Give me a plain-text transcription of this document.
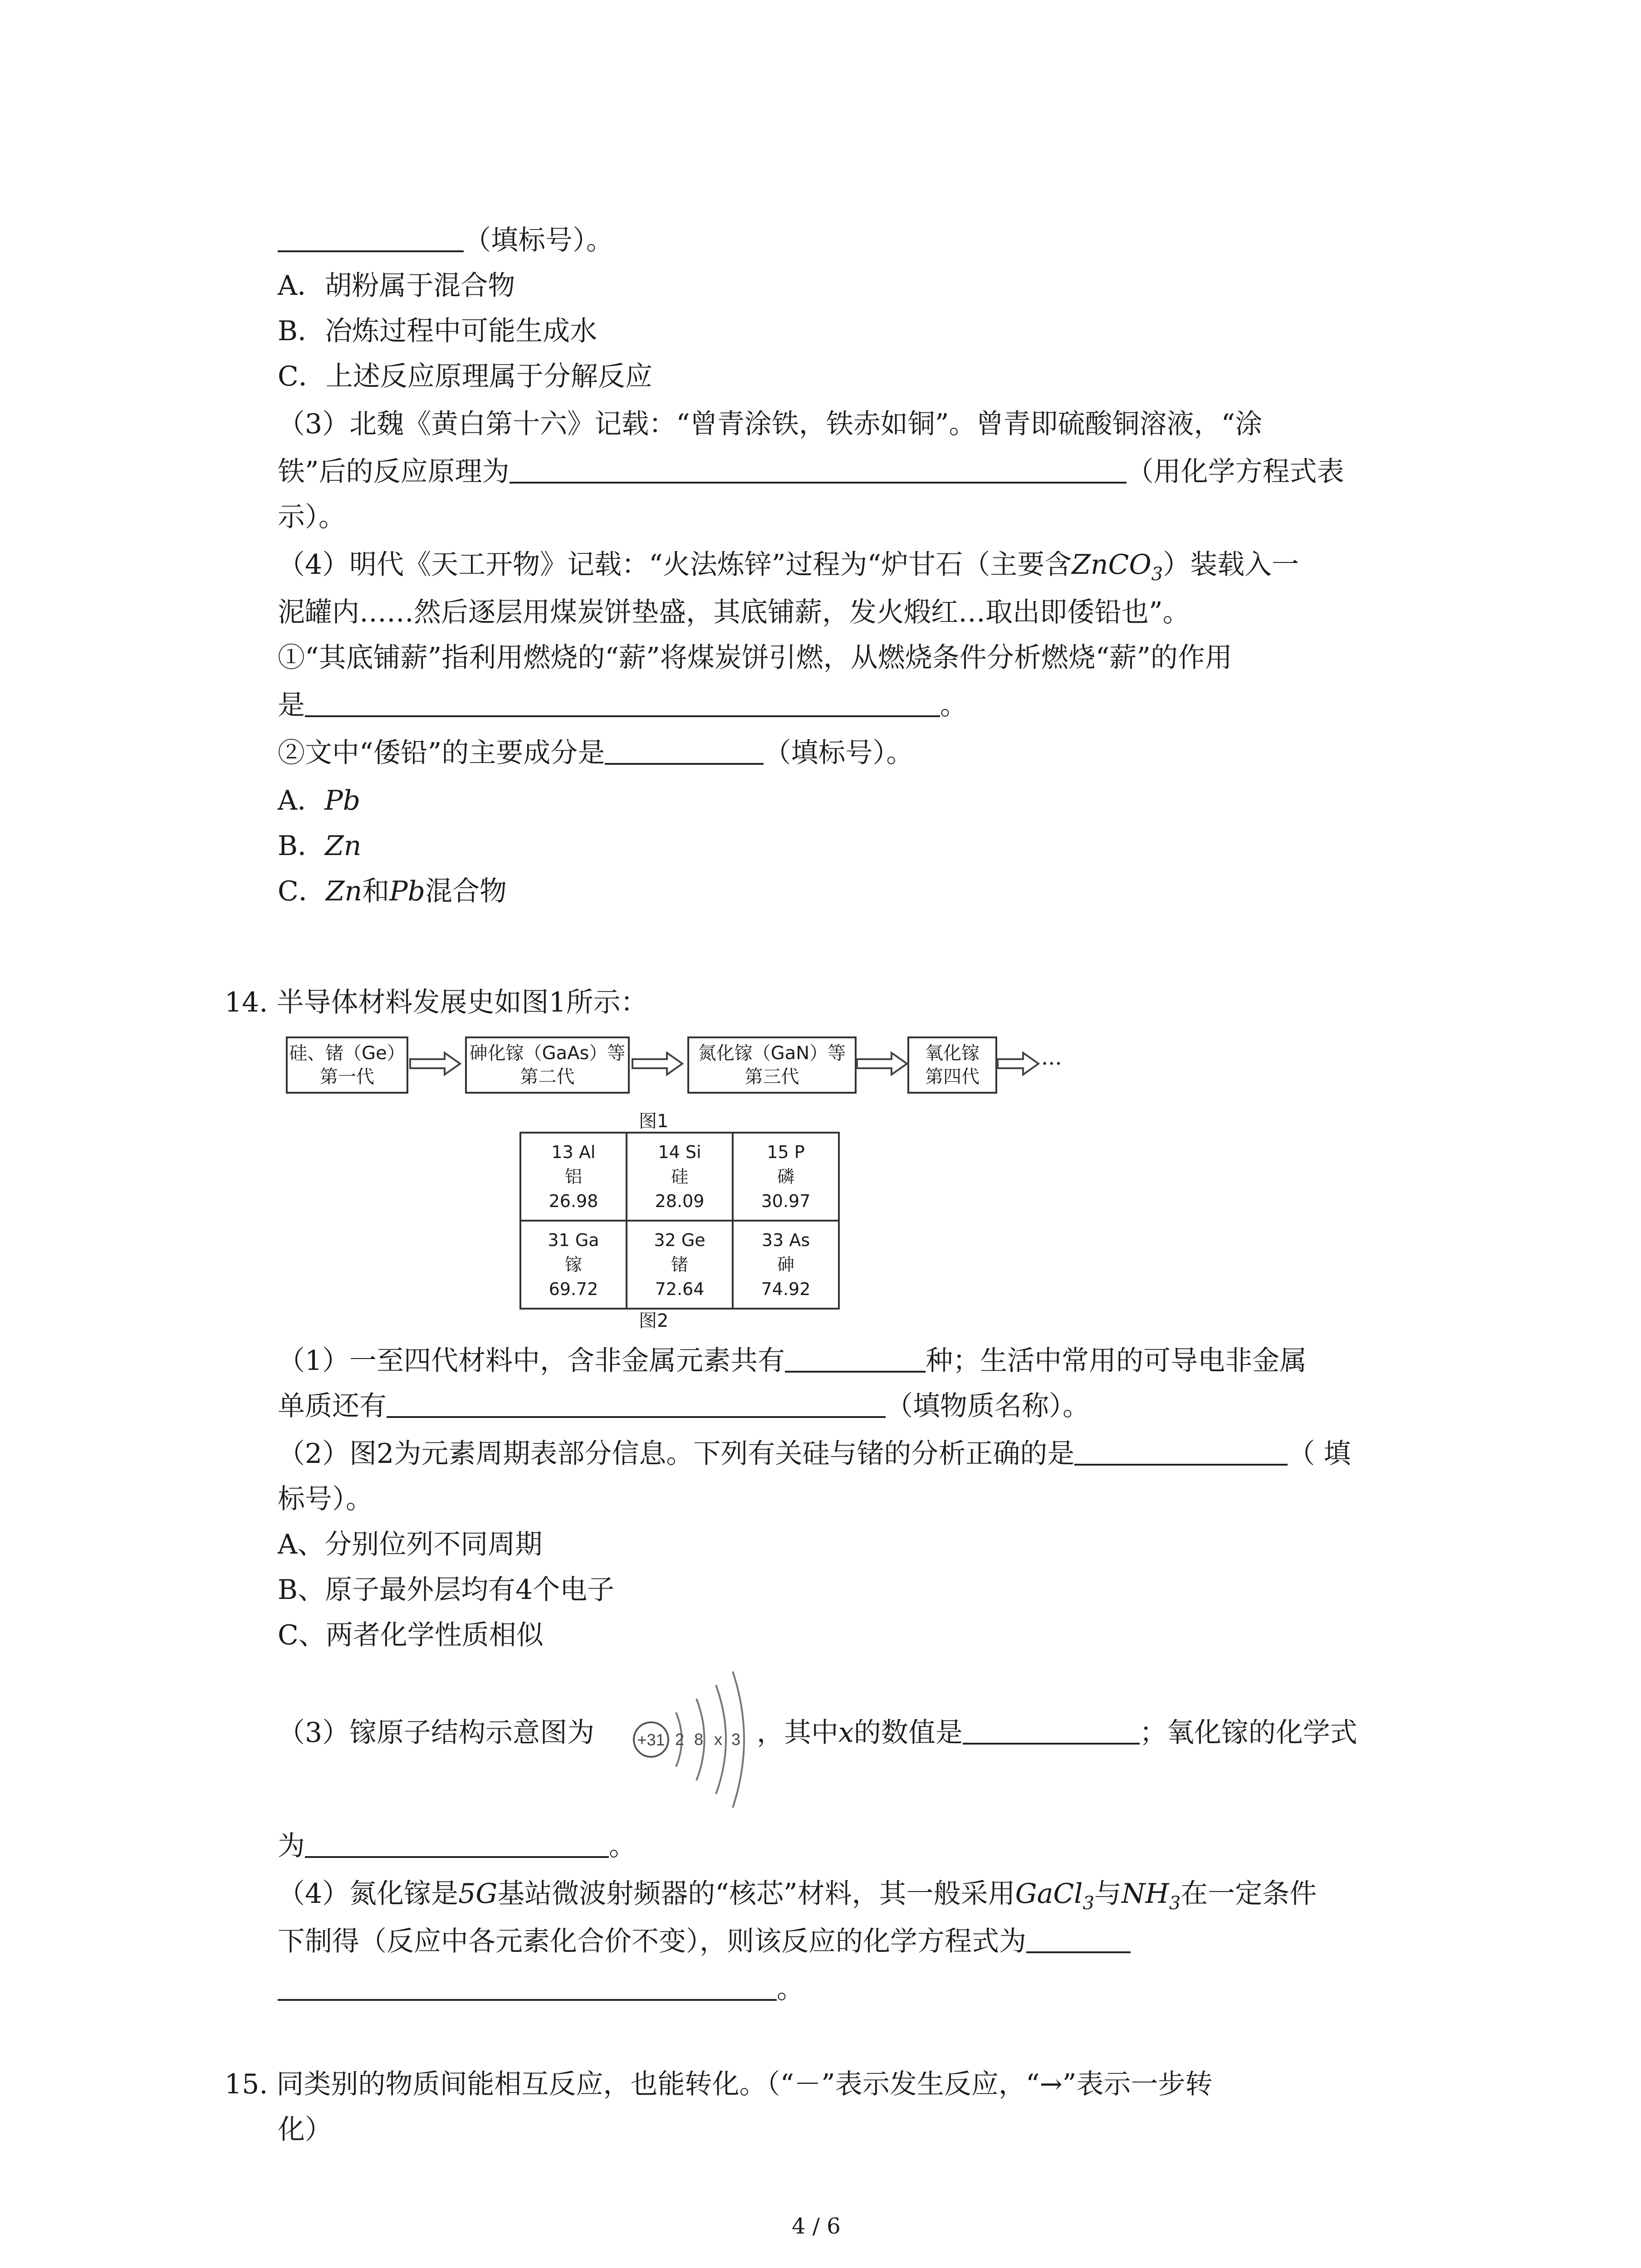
（填标号）。
A．胡粉属于混合物
B．冶炼过程中可能生成水
C．上述反应原理属于分解反应
（3）北魏《黄白第十六》记载：“曾青涂铁，铁赤如铜”。曾青即硫酸铜溶液，“涂
铁”后的反应原理为	（用化学方程式表
示）。
（4）明代《天工开物》记载：“火法炼锌”过程为“炉甘石（主要含ZnCO$_3$）装载入一
泥罐内……然后逐层用煤炭饼垫盛，其底铺薪，发火煅红…取出即倭铅也”。
①“其底铺薪”指利用燃烧的“薪”将煤炭饼引燃，从燃烧条件分析燃烧“薪”的作用
是	。
②文中“倭铅”的主要成分是	（填标号）。
A．Pb
B．Zn
C．Zn和Pb混合物
14. 半导体材料发展史如图1所示：
硅、锗（Ge）
第一代
砷化镓（GaAs）等
第二代
氮化镓（GaN）等
第三代
氧化镓
第四代
···
图1
13 Al
铝
26.98	14 Si
硅
28.09	15 P
磷
30.97
31 Ga
镓
69.72	32 Ge
锗
72.64	33 As
砷
74.92
图2
（1）一至四代材料中，含非金属元素共有	种；生活中常用的可导电非金属
单质还有	（填物质名称）。
（2）图2为元素周期表部分信息。下列有关硅与锗的分析正确的是	（ 填
标号）。
A、分别位列不同周期
B、原子最外层均有4个电子
C、两者化学性质相似
（3）镓原子结构示意图为	+31 2 8 x 3 ，其中x的数值是	；氧化镓的化学式
为	。
（4）氮化镓是5G基站微波射频器的“核芯”材料，其一般采用GaCl$_3$与$NH_3$在一定条件
下制得（反应中各元素化合价不变），则该反应的化学方程式为
。
15. 同类别的物质间能相互反应，也能转化。（“－”表示发生反应，“→”表示一步转
化）
4 / 6
